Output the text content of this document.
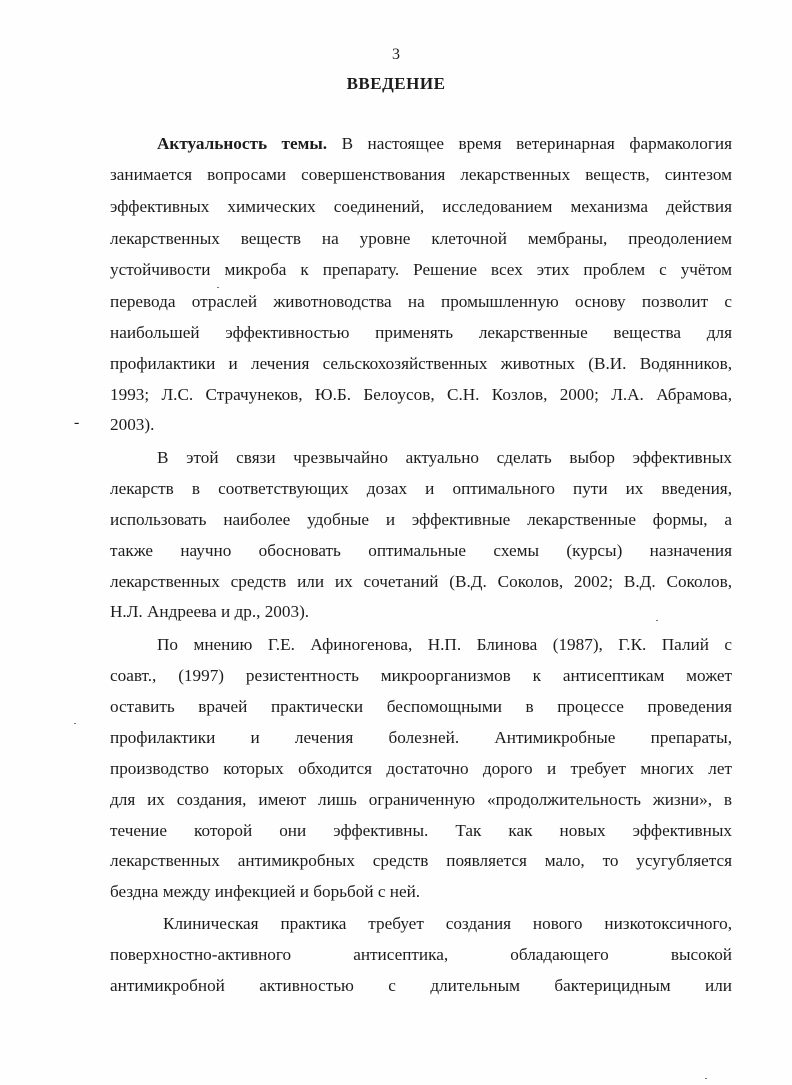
3
ВВЕДЕНИЕ
-
Актуальность темы. В настоящее время ветеринарная фармакология
занимается вопросами совершенствования лекарственных веществ, синтезом
эффективных химических соединений, исследованием механизма действия
лекарственных веществ на уровне клеточной мембраны, преодолением
устойчивости микроба к препарату. Решение всех этих проблем с учётом
перевода отраслей животноводства на промышленную основу позволит с
наибольшей эффективностью применять лекарственные вещества для
профилактики и лечения сельскохозяйственных животных (В.И. Водянников,
1993; Л.С. Страчунеков, Ю.Б. Белоусов, С.Н. Козлов, 2000; Л.А. Абрамова,
2003).
В этой связи чрезвычайно актуально сделать выбор эффективных
лекарств в соответствующих дозах и оптимального пути их введения,
использовать наиболее удобные и эффективные лекарственные формы, а
также научно обосновать оптимальные схемы (курсы) назначения
лекарственных средств или их сочетаний (В.Д. Соколов, 2002; В.Д. Соколов,
Н.Л. Андреева и др., 2003).
По мнению Г.Е. Афиногенова, Н.П. Блинова (1987), Г.К. Палий с
соавт., (1997) резистентность микроорганизмов к антисептикам может
оставить врачей практически беспомощными в процессе проведения
профилактики и лечения болезней. Антимикробные препараты,
производство которых обходится достаточно дорого и требует многих лет
для их создания, имеют лишь ограниченную «продолжительность жизни», в
течение которой они эффективны. Так как новых эффективных
лекарственных антимикробных средств появляется мало, то усугубляется
бездна между инфекцией и борьбой с ней.
Клиническая практика требует создания нового низкотоксичного,
поверхностно-активного антисептика, обладающего высокой
антимикробной активностью с длительным бактерицидным или
